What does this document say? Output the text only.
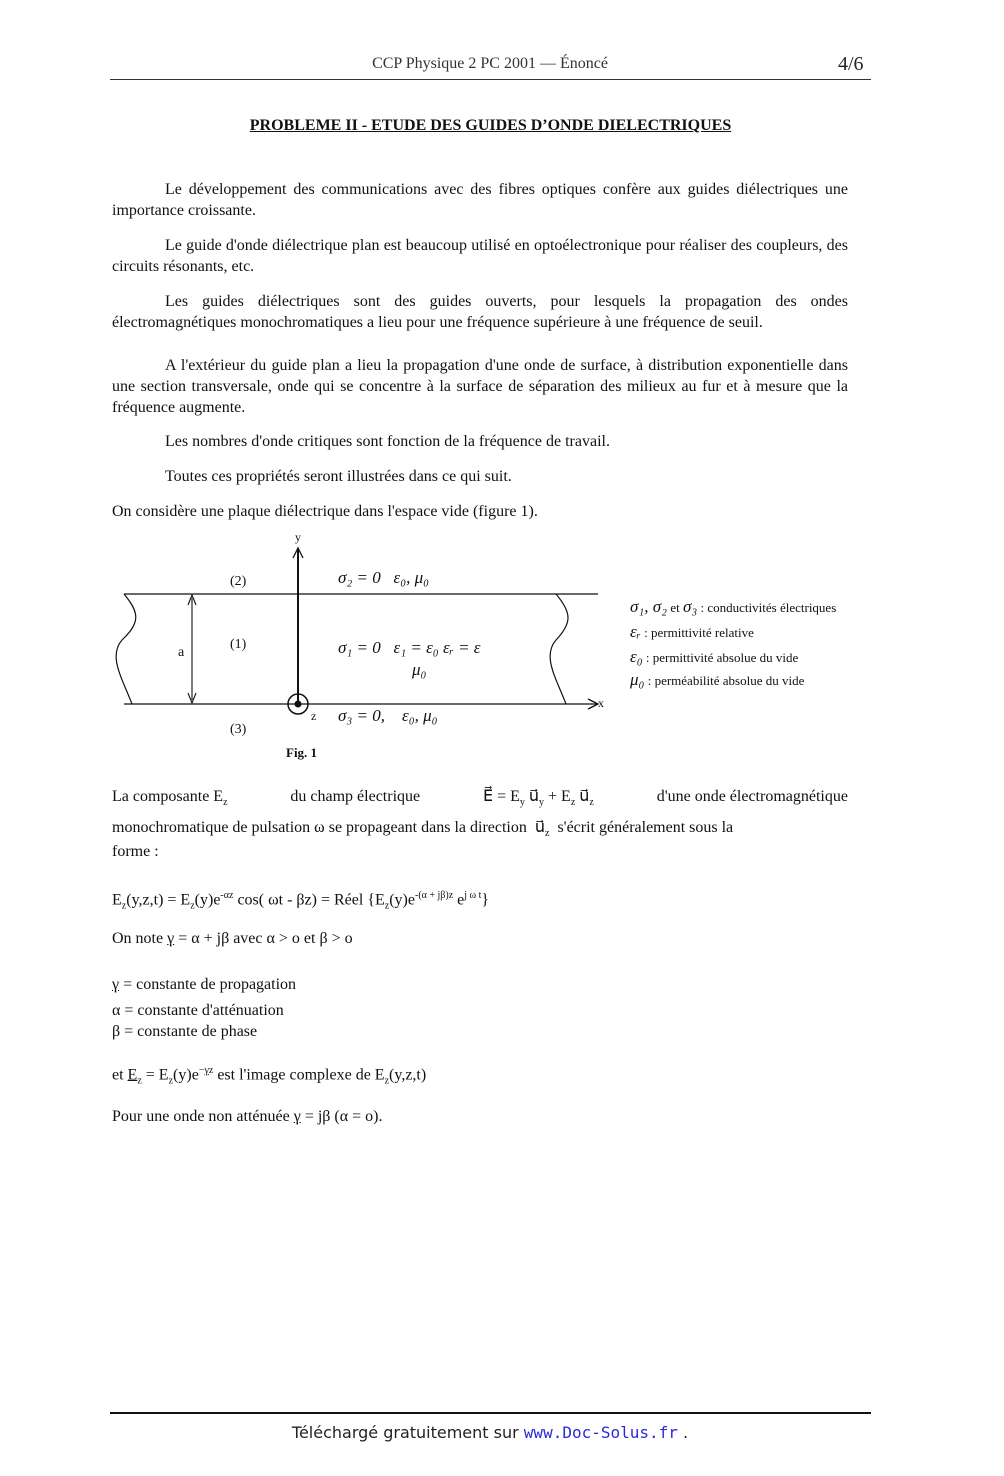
CCP Physique 2 PC 2001 — Énoncé	4/6
PROBLEME II - ETUDE DES GUIDES D’ONDE DIELECTRIQUES
Le développement des communications avec des fibres optiques confère aux guides diélectriques une importance croissante.
Le guide d'onde diélectrique plan est beaucoup utilisé en optoélectronique pour réaliser des coupleurs, des circuits résonants, etc.
Les guides diélectriques sont des guides ouverts, pour lesquels la propagation des ondes électromagnétiques monochromatiques a lieu pour une fréquence supérieure à une fréquence de seuil.
A l'extérieur du guide plan a lieu la propagation d'une onde de surface, à distribution exponentielle dans une section transversale, onde qui se concentre à la surface de séparation des milieux au fur et à mesure que la fréquence augmente.
Les nombres d'onde critiques sont fonction de la fréquence de travail.
Toutes ces propriétés seront illustrées dans ce qui suit.
On considère une plaque diélectrique dans l'espace vide (figure 1).
y
x
z
a
(2)
(1)
(3)
σ₂ = 0   ε₀, μ₀
σ₁ = 0   ε₁ = ε₀ εᵣ = ε
μ₀
σ₃ = 0,    ε₀, μ₀
Fig. 1
σ₁, σ₂ et σ₃ : conductivités électriques
εᵣ : permittivité relative
ε₀ : permittivité absolue du vide
μ₀ : perméabilité absolue du vide
La composante $E_z$	du champ électrique	E⃗ = $E_y$ $u⃗_y + E_z$ $u⃗_z$	d'une onde électromagnétique
monochromatique de pulsation ω se propageant dans la direction  $u⃗_z$ s'écrit généralement sous la
forme :
$E_z(y,z,t) = E_z(y)e^{-\alpha z}$ cos( ωt - βz) = Réel {$E_z(y)e^{-(\alpha + j\beta)z}$ $e^{j \omega t}$}
On note γ = α + jβ avec α > o et β > o
γ = constante de propagation
α = constante d'atténuation
β = constante de phase
et $E_z = E_z(y)e^{-\gamma z}$ est l'image complexe de $E_z(y,z,t)$
Pour une onde non atténuée γ = jβ (α = o).
Téléchargé gratuitement sur www.Doc-Solus.fr .
